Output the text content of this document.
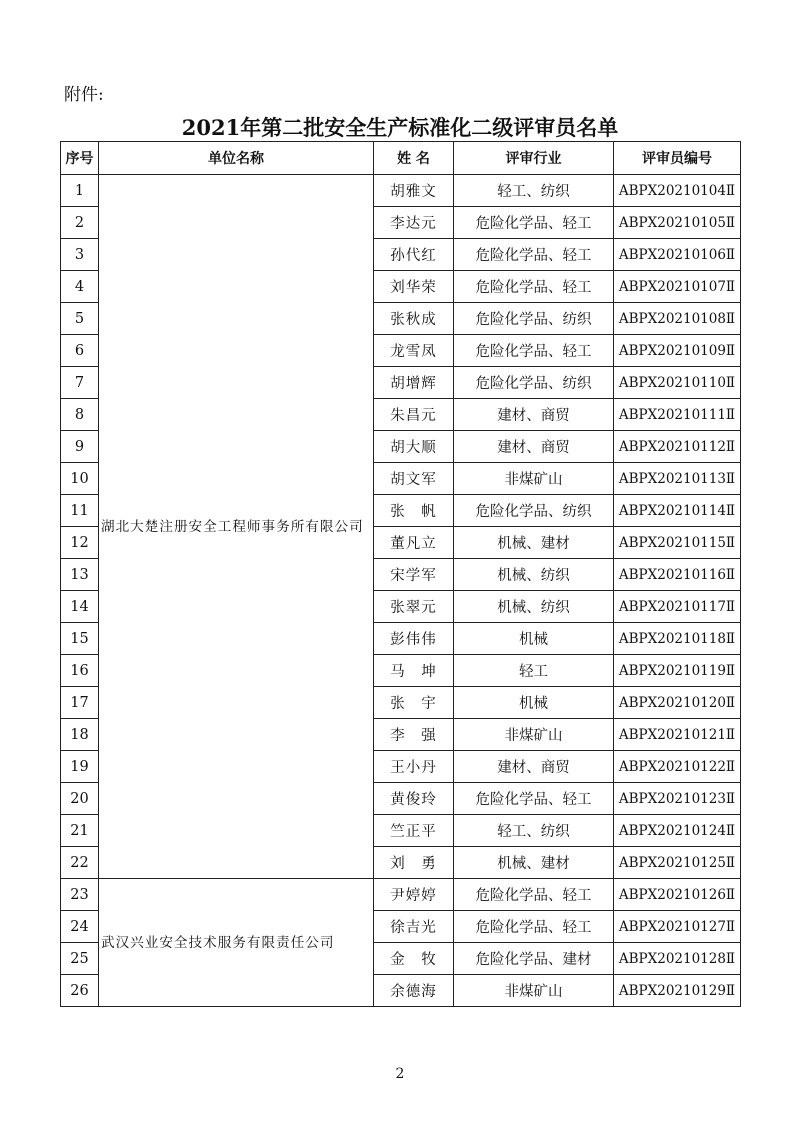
附件:
2021年第二批安全生产标准化二级评审员名单
序号	单位名称	姓 名	评审行业	评审员编号
1	湖北大楚注册安全工程师事务所有限公司	胡雅文	轻工、纺织	ABPX20210104Ⅱ
2		李达元	危险化学品、轻工	ABPX20210105Ⅱ
3		孙代红	危险化学品、轻工	ABPX20210106Ⅱ
4		刘华荣	危险化学品、轻工	ABPX20210107Ⅱ
5		张秋成	危险化学品、纺织	ABPX20210108Ⅱ
6		龙雪凤	危险化学品、轻工	ABPX20210109Ⅱ
7		胡增辉	危险化学品、纺织	ABPX20210110Ⅱ
8		朱昌元	建材、商贸	ABPX20210111Ⅱ
9		胡大顺	建材、商贸	ABPX20210112Ⅱ
10		胡文军	非煤矿山	ABPX20210113Ⅱ
11		张　帆	危险化学品、纺织	ABPX20210114Ⅱ
12		董凡立	机械、建材	ABPX20210115Ⅱ
13		宋学军	机械、纺织	ABPX20210116Ⅱ
14		张翠元	机械、纺织	ABPX20210117Ⅱ
15		彭伟伟	机械	ABPX20210118Ⅱ
16		马　坤	轻工	ABPX20210119Ⅱ
17		张　宇	机械	ABPX20210120Ⅱ
18		李　强	非煤矿山	ABPX20210121Ⅱ
19		王小丹	建材、商贸	ABPX20210122Ⅱ
20		黄俊玲	危险化学品、轻工	ABPX20210123Ⅱ
21		竺正平	轻工、纺织	ABPX20210124Ⅱ
22		刘　勇	机械、建材	ABPX20210125Ⅱ
23	武汉兴业安全技术服务有限责任公司	尹婷婷	危险化学品、轻工	ABPX20210126Ⅱ
24		徐吉光	危险化学品、轻工	ABPX20210127Ⅱ
25		金　牧	危险化学品、建材	ABPX20210128Ⅱ
26		余德海	非煤矿山	ABPX20210129Ⅱ
2
